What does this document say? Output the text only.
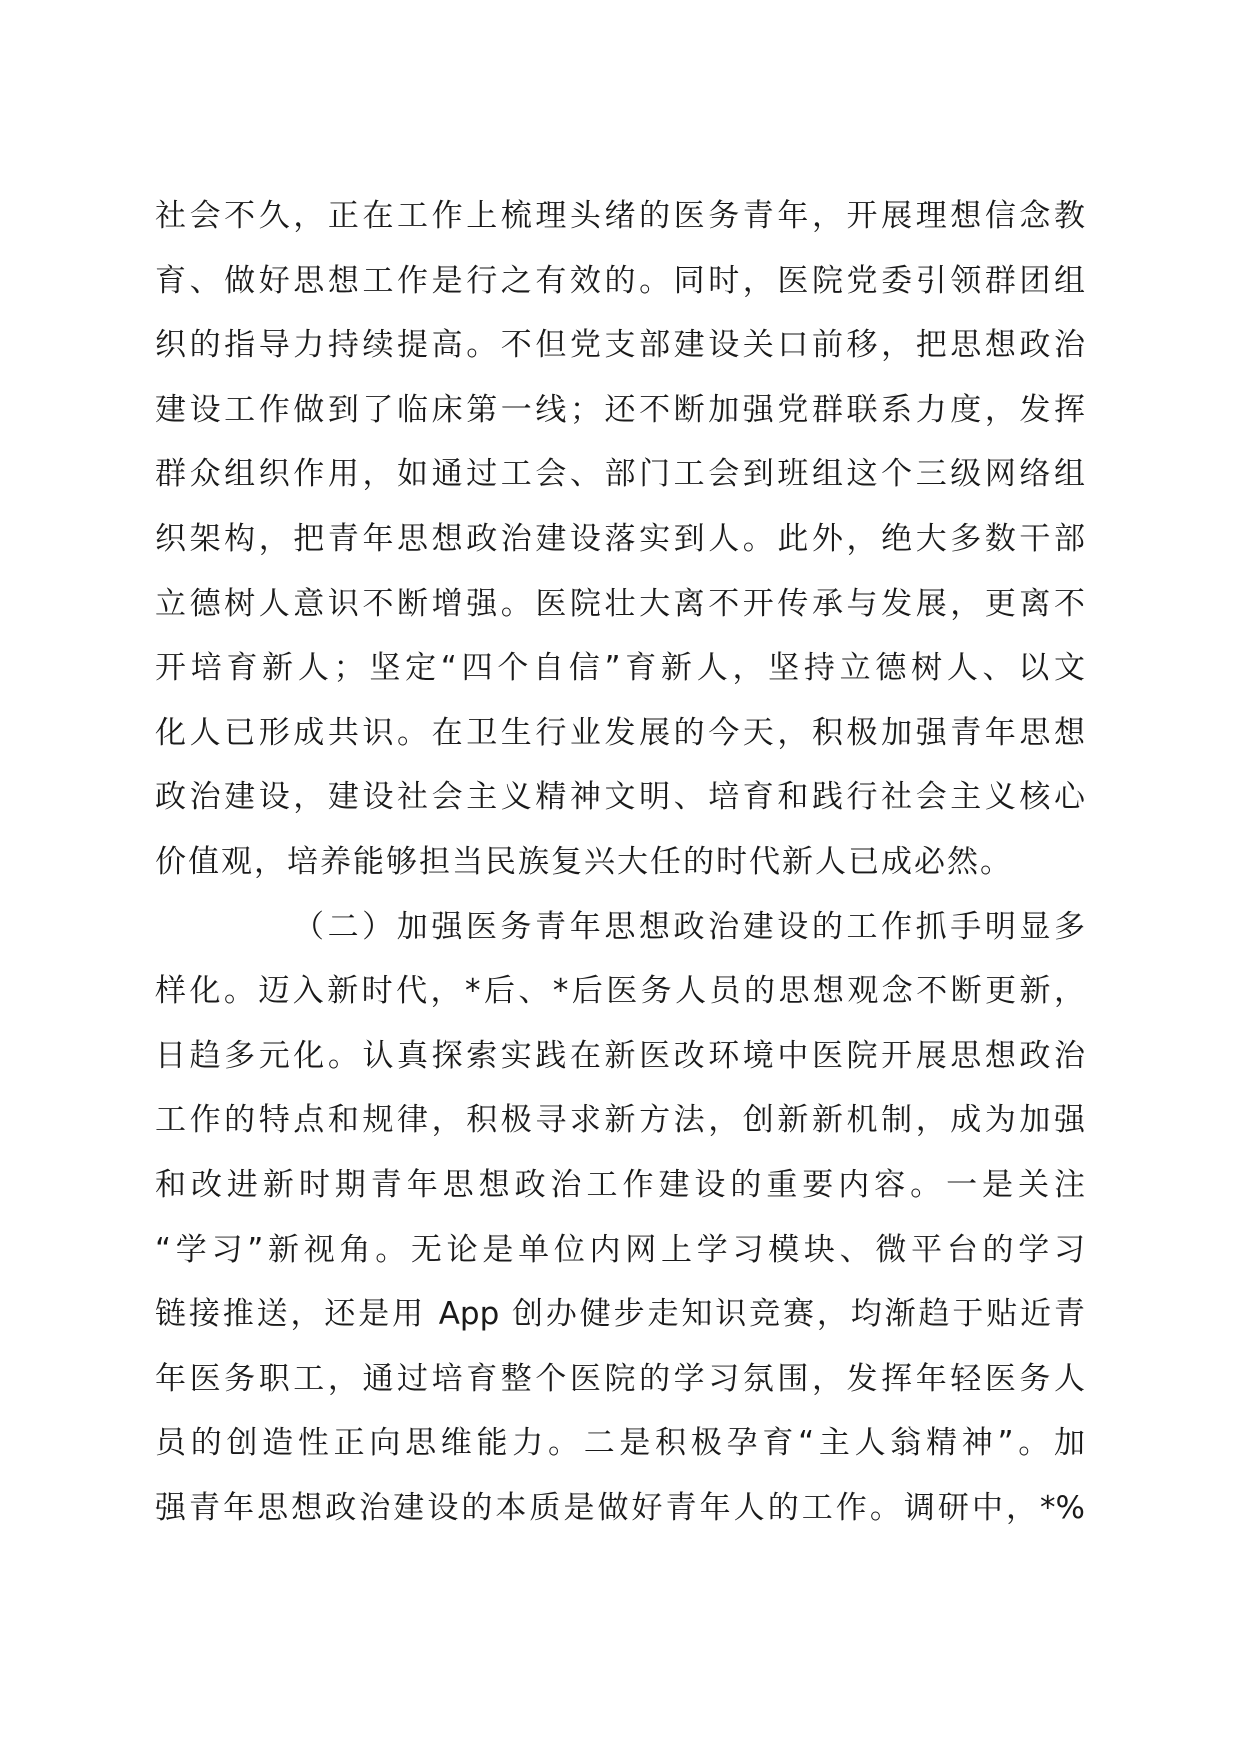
社会不久，正在工作上梳理头绪的医务青年，开展理想信念教
育、做好思想工作是行之有效的。同时，医院党委引领群团组
织的指导力持续提高。不但党支部建设关口前移，把思想政治
建设工作做到了临床第一线；还不断加强党群联系力度，发挥
群众组织作用，如通过工会、部门工会到班组这个三级网络组
织架构，把青年思想政治建设落实到人。此外，绝大多数干部
立德树人意识不断增强。医院壮大离不开传承与发展，更离不
开培育新人；坚定“四个自信”育新人，坚持立德树人、以文
化人已形成共识。在卫生行业发展的今天，积极加强青年思想
政治建设，建设社会主义精神文明、培育和践行社会主义核心
价值观，培养能够担当民族复兴大任的时代新人已成必然。
（二）加强医务青年思想政治建设的工作抓手明显多
样化。迈入新时代，*后、*后医务人员的思想观念不断更新，
日趋多元化。认真探索实践在新医改环境中医院开展思想政治
工作的特点和规律，积极寻求新方法，创新新机制，成为加强
和改进新时期青年思想政治工作建设的重要内容。一是关注
“学习”新视角。无论是单位内网上学习模块、微平台的学习
链接推送，还是用 App 创办健步走知识竞赛，均渐趋于贴近青
年医务职工，通过培育整个医院的学习氛围，发挥年轻医务人
员的创造性正向思维能力。二是积极孕育“主人翁精神”。加
强青年思想政治建设的本质是做好青年人的工作。调研中，*%
